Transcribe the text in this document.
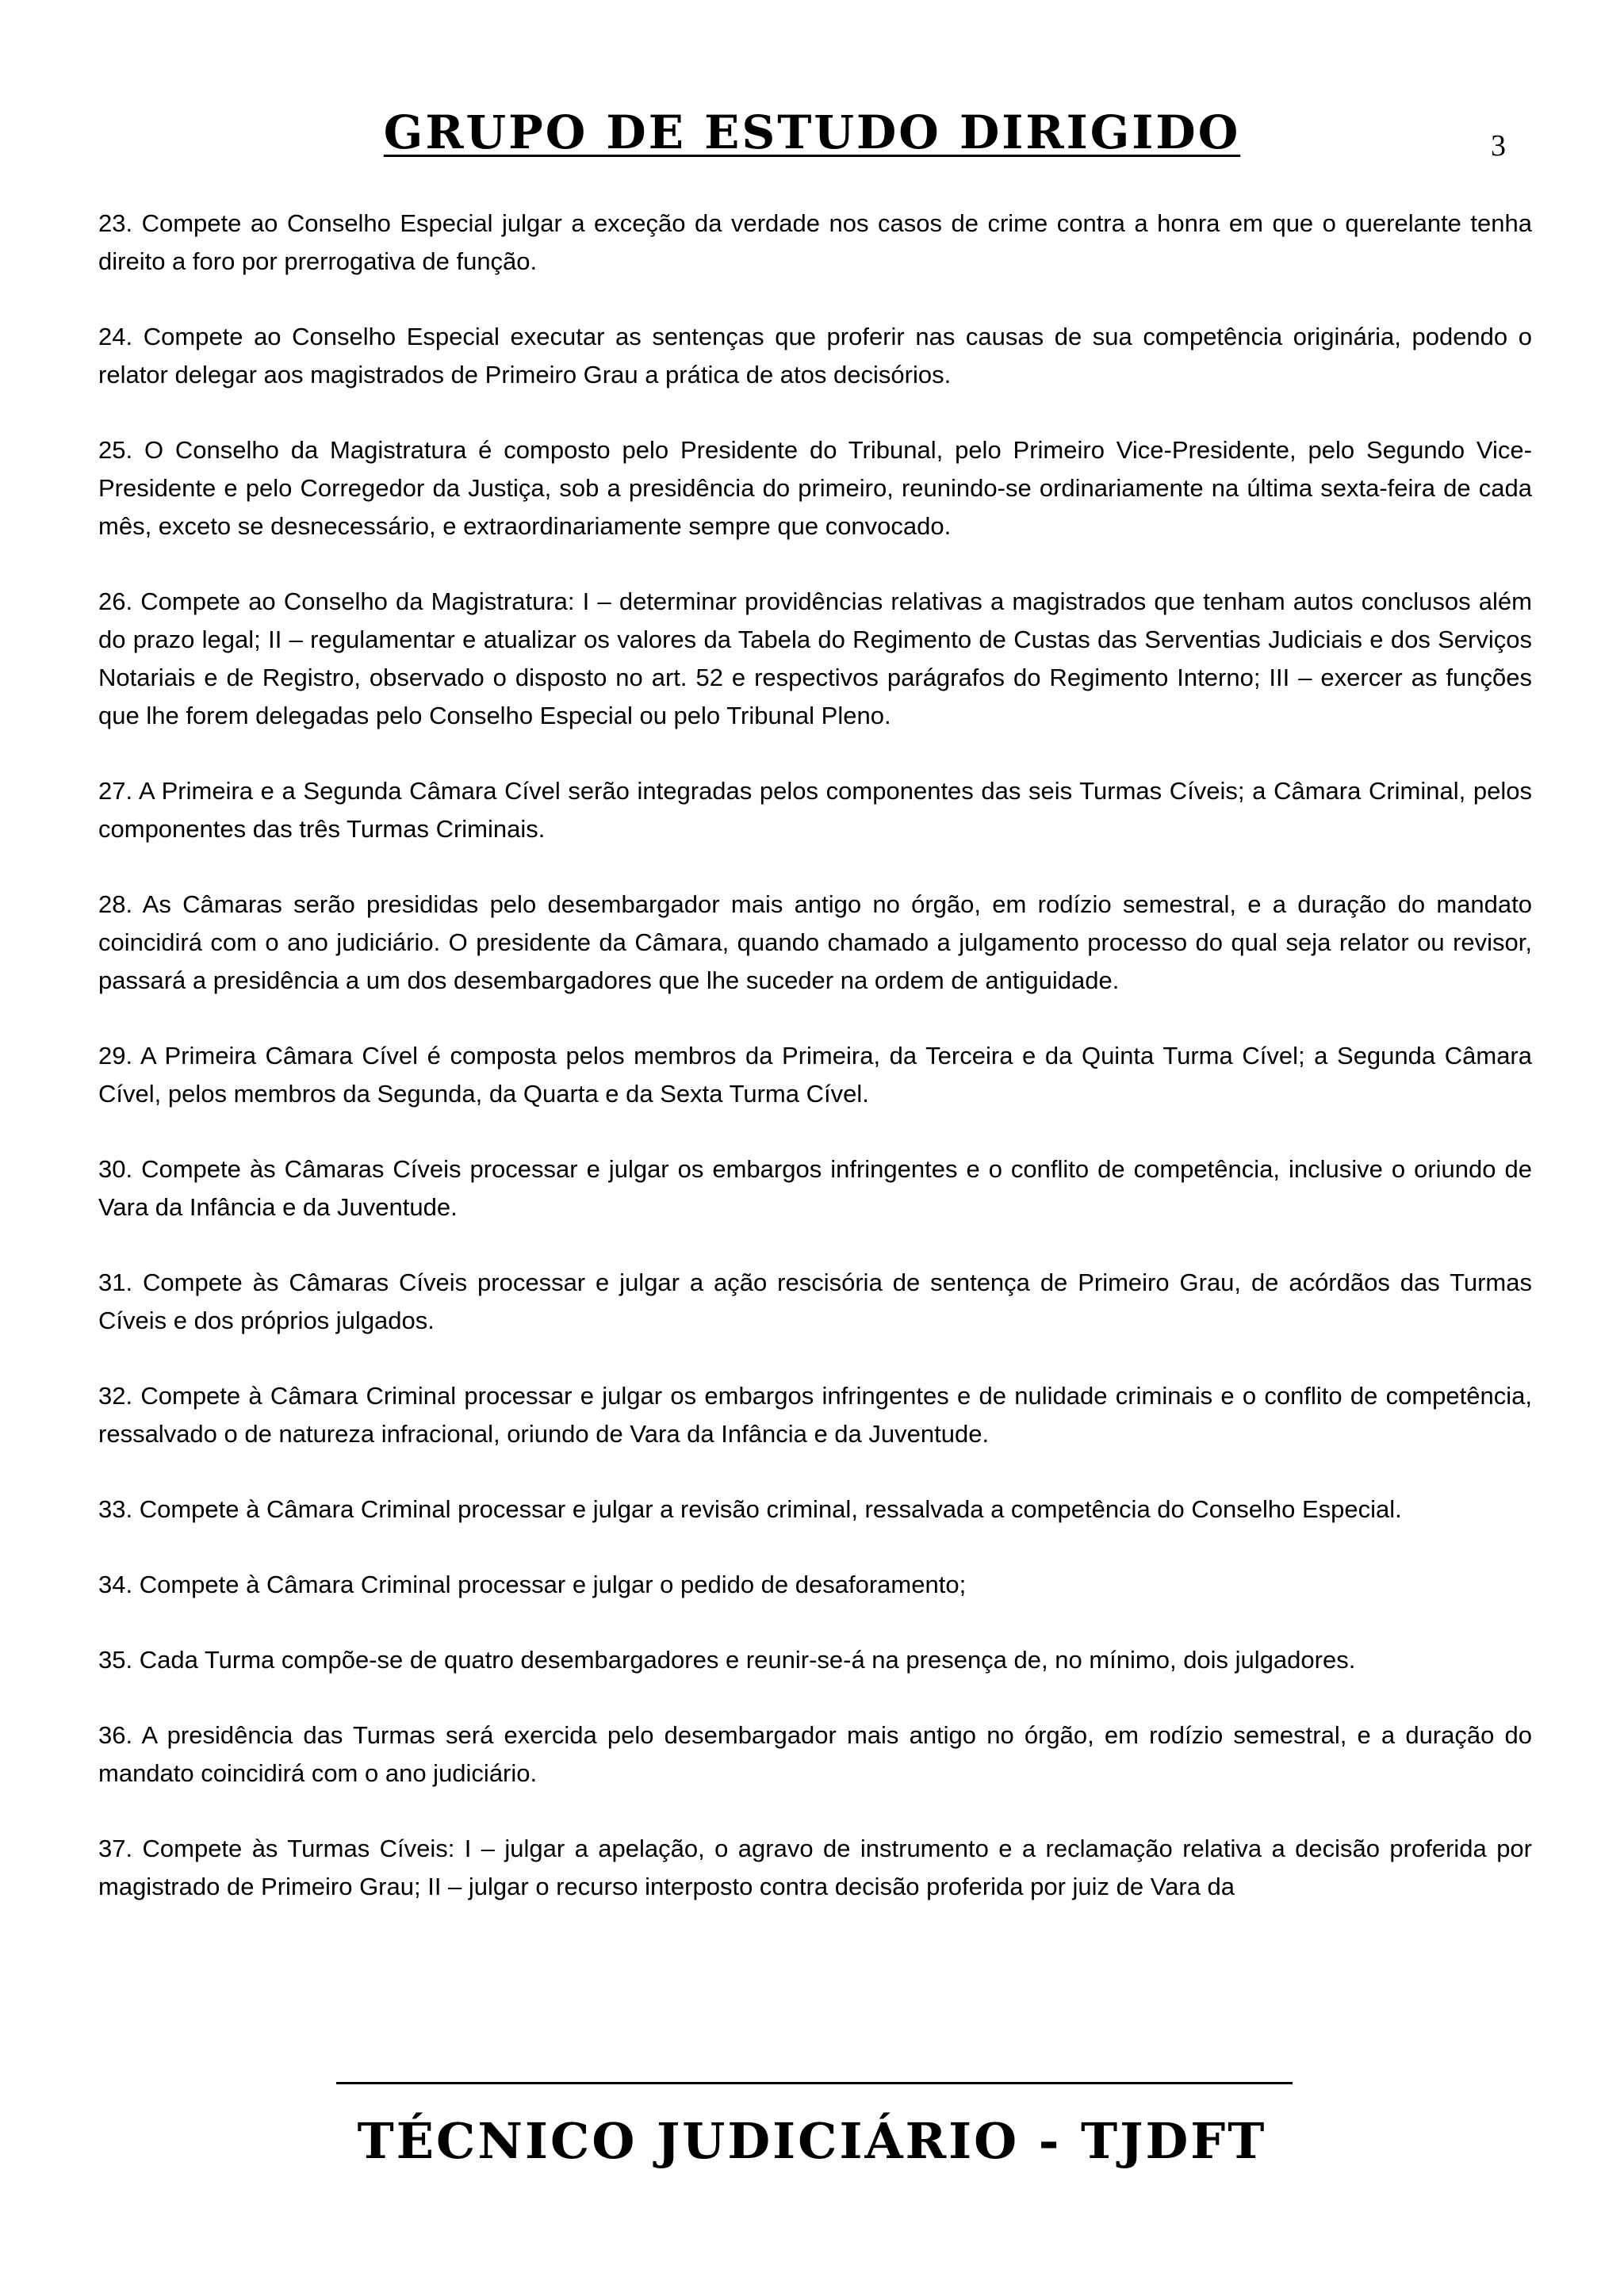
GRUPO DE ESTUDO DIRIGIDO	3

23. Compete ao Conselho Especial julgar a exceção da verdade nos casos de crime contra a honra em que o querelante tenha direito a foro por prerrogativa de função.

24. Compete ao Conselho Especial executar as sentenças que proferir nas causas de sua competência originária, podendo o relator delegar aos magistrados de Primeiro Grau a prática de atos decisórios.

25. O Conselho da Magistratura é composto pelo Presidente do Tribunal, pelo Primeiro Vice-Presidente, pelo Segundo Vice-Presidente e pelo Corregedor da Justiça, sob a presidência do primeiro, reunindo-se ordinariamente na última sexta-feira de cada mês, exceto se desnecessário, e extraordinariamente sempre que convocado.

26. Compete ao Conselho da Magistratura: I – determinar providências relativas a magistrados que tenham autos conclusos além do prazo legal; II – regulamentar e atualizar os valores da Tabela do Regimento de Custas das Serventias Judiciais e dos Serviços Notariais e de Registro, observado o disposto no art. 52 e respectivos parágrafos do Regimento Interno; III – exercer as funções que lhe forem delegadas pelo Conselho Especial ou pelo Tribunal Pleno.

27. A Primeira e a Segunda Câmara Cível serão integradas pelos componentes das seis Turmas Cíveis; a Câmara Criminal, pelos componentes das três Turmas Criminais.

28. As Câmaras serão presididas pelo desembargador mais antigo no órgão, em rodízio semestral, e a duração do mandato coincidirá com o ano judiciário. O presidente da Câmara, quando chamado a julgamento processo do qual seja relator ou revisor, passará a presidência a um dos desembargadores que lhe suceder na ordem de antiguidade.

29. A Primeira Câmara Cível é composta pelos membros da Primeira, da Terceira e da Quinta Turma Cível; a Segunda Câmara Cível, pelos membros da Segunda, da Quarta e da Sexta Turma Cível.

30. Compete às Câmaras Cíveis processar e julgar os embargos infringentes e o conflito de competência, inclusive o oriundo de Vara da Infância e da Juventude.

31. Compete às Câmaras Cíveis processar e julgar a ação rescisória de sentença de Primeiro Grau, de acórdãos das Turmas Cíveis e dos próprios julgados.

32. Compete à Câmara Criminal processar e julgar os embargos infringentes e de nulidade criminais e o conflito de competência, ressalvado o de natureza infracional, oriundo de Vara da Infância e da Juventude.

33. Compete à Câmara Criminal processar e julgar a revisão criminal, ressalvada a competência do Conselho Especial.

34. Compete à Câmara Criminal processar e julgar o pedido de desaforamento;

35. Cada Turma compõe-se de quatro desembargadores e reunir-se-á na presença de, no mínimo, dois julgadores.

36. A presidência das Turmas será exercida pelo desembargador mais antigo no órgão, em rodízio semestral, e a duração do mandato coincidirá com o ano judiciário.

37. Compete às Turmas Cíveis: I – julgar a apelação, o agravo de instrumento e a reclamação relativa a decisão proferida por magistrado de Primeiro Grau; II – julgar o recurso interposto contra decisão proferida por juiz de Vara da

TÉCNICO JUDICIÁRIO - TJDFT
